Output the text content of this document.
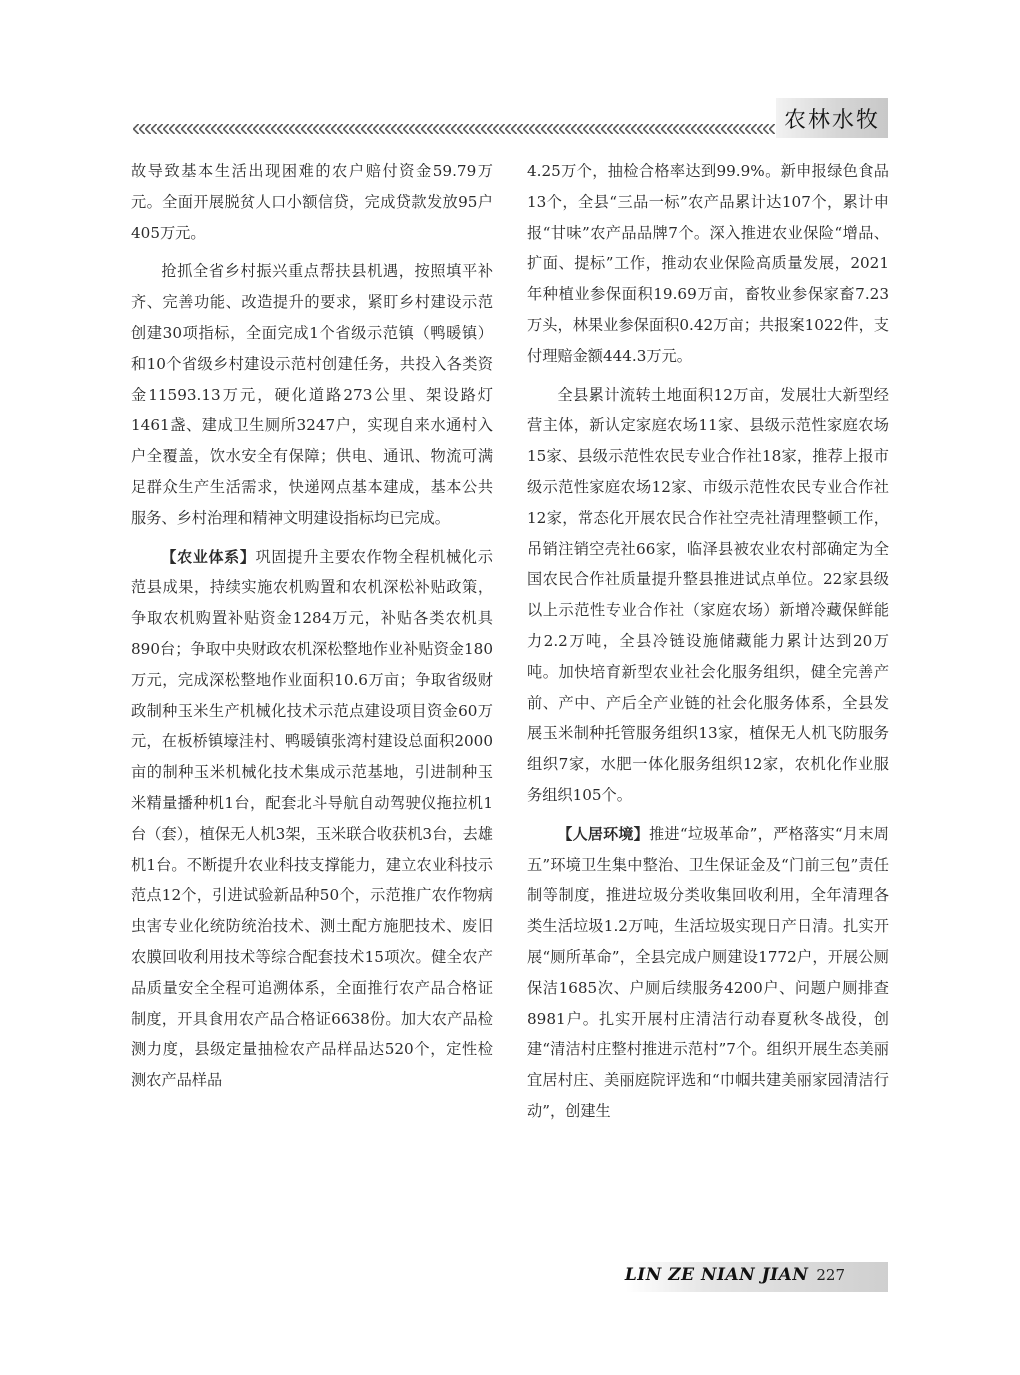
农林水牧

故导致基本生活出现困难的农户赔付资金59.79万元。全面开展脱贫人口小额信贷，完成贷款发放95户405万元。

抢抓全省乡村振兴重点帮扶县机遇，按照填平补齐、完善功能、改造提升的要求，紧盯乡村建设示范创建30项指标，全面完成1个省级示范镇（鸭暖镇）和10个省级乡村建设示范村创建任务，共投入各类资金11593.13万元，硬化道路273公里、架设路灯1461盏、建成卫生厕所3247户，实现自来水通村入户全覆盖，饮水安全有保障；供电、通讯、物流可满足群众生产生活需求，快递网点基本建成，基本公共服务、乡村治理和精神文明建设指标均已完成。

【农业体系】巩固提升主要农作物全程机械化示范县成果，持续实施农机购置和农机深松补贴政策，争取农机购置补贴资金1284万元，补贴各类农机具890台；争取中央财政农机深松整地作业补贴资金180万元，完成深松整地作业面积10.6万亩；争取省级财政制种玉米生产机械化技术示范点建设项目资金60万元，在板桥镇壕洼村、鸭暖镇张湾村建设总面积2000亩的制种玉米机械化技术集成示范基地，引进制种玉米精量播种机1台，配套北斗导航自动驾驶仪拖拉机1台（套），植保无人机3架，玉米联合收获机3台，去雄机1台。不断提升农业科技支撑能力，建立农业科技示范点12个，引进试验新品种50个，示范推广农作物病虫害专业化统防统治技术、测土配方施肥技术、废旧农膜回收利用技术等综合配套技术15项次。健全农产品质量安全全程可追溯体系，全面推行农产品合格证制度，开具食用农产品合格证6638份。加大农产品检测力度，县级定量抽检农产品样品达520个，定性检测农产品样品

4.25万个，抽检合格率达到99.9%。新申报绿色食品13个，全县“三品一标”农产品累计达107个，累计申报“甘味”农产品品牌7个。深入推进农业保险“增品、扩面、提标”工作，推动农业保险高质量发展，2021年种植业参保面积19.69万亩，畜牧业参保家畜7.23万头，林果业参保面积0.42万亩；共报案1022件，支付理赔金额444.3万元。

全县累计流转土地面积12万亩，发展壮大新型经营主体，新认定家庭农场11家、县级示范性家庭农场15家、县级示范性农民专业合作社18家，推荐上报市级示范性家庭农场12家、市级示范性农民专业合作社12家，常态化开展农民合作社空壳社清理整顿工作，吊销注销空壳社66家，临泽县被农业农村部确定为全国农民合作社质量提升整县推进试点单位。22家县级以上示范性专业合作社（家庭农场）新增冷藏保鲜能力2.2万吨，全县冷链设施储藏能力累计达到20万吨。加快培育新型农业社会化服务组织，健全完善产前、产中、产后全产业链的社会化服务体系，全县发展玉米制种托管服务组织13家，植保无人机飞防服务组织7家，水肥一体化服务组织12家，农机化作业服务组织105个。

【人居环境】推进“垃圾革命”，严格落实“月末周五”环境卫生集中整治、卫生保证金及“门前三包”责任制等制度，推进垃圾分类收集回收利用，全年清理各类生活垃圾1.2万吨，生活垃圾实现日产日清。扎实开展“厕所革命”，全县完成户厕建设1772户，开展公厕保洁1685次、户厕后续服务4200户、问题户厕排查8981户。扎实开展村庄清洁行动春夏秋冬战役，创建“清洁村庄整村推进示范村”7个。组织开展生态美丽宜居村庄、美丽庭院评选和“巾帼共建美丽家园清洁行动”，创建生

LIN ZE NIAN JIAN 227
